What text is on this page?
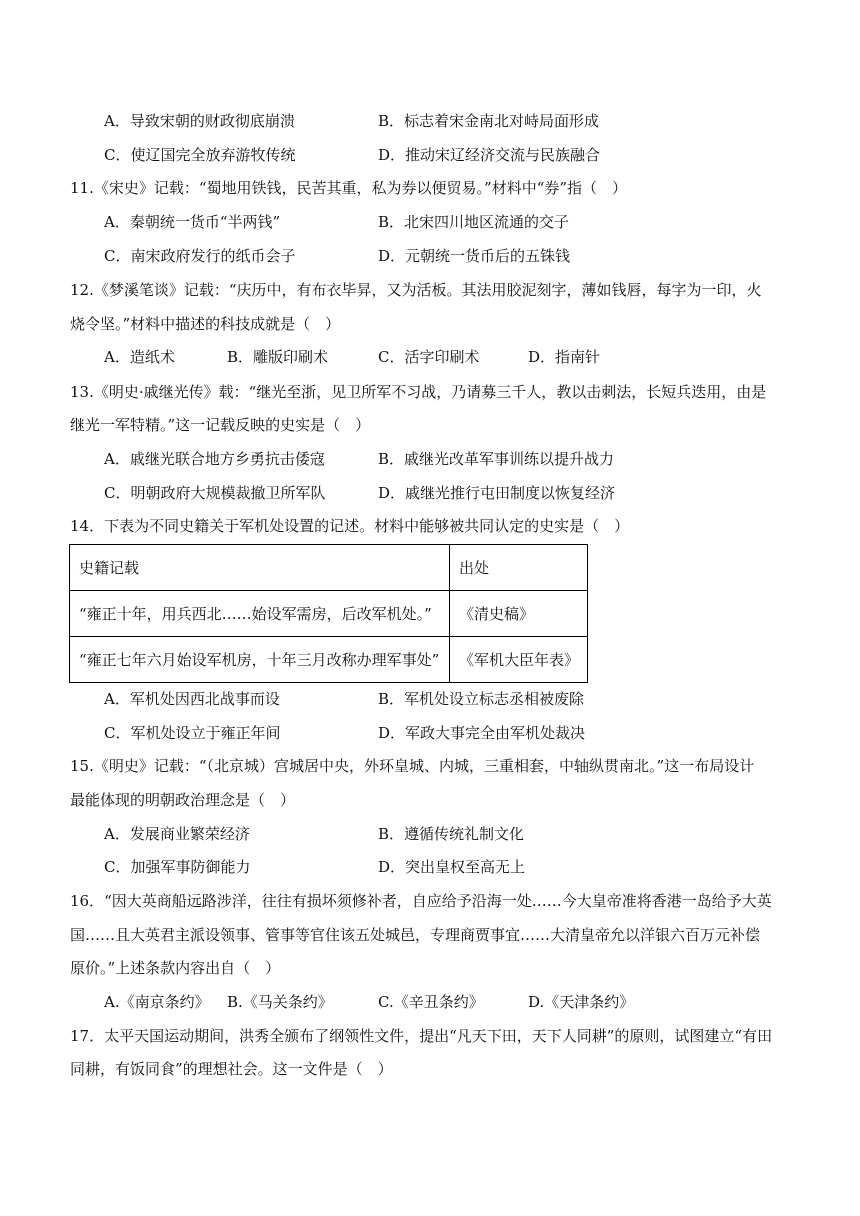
A．导致宋朝的财政彻底崩溃	B．标志着宋金南北对峙局面形成
C．使辽国完全放弃游牧传统	D．推动宋辽经济交流与民族融合
11.《宋史》记载：“蜀地用铁钱，民苦其重，私为券以便贸易。”材料中“券”指（　）
A．秦朝统一货币“半两钱”	B．北宋四川地区流通的交子
C．南宋政府发行的纸币会子	D．元朝统一货币后的五铢钱
12.《梦溪笔谈》记载：“庆历中，有布衣毕昇，又为活板。其法用胶泥刻字，薄如钱唇，每字为一印，火
烧令坚。”材料中描述的科技成就是（　）
A．造纸术	B．雕版印刷术	C．活字印刷术	D．指南针
13.《明史·戚继光传》载：“继光至浙，见卫所军不习战，乃请募三千人，教以击刺法，长短兵迭用，由是
继光一军特精。”这一记载反映的史实是（　）
A．戚继光联合地方乡勇抗击倭寇	B．戚继光改革军事训练以提升战力
C．明朝政府大规模裁撤卫所军队	D．戚继光推行屯田制度以恢复经济
14．下表为不同史籍关于军机处设置的记述。材料中能够被共同认定的史实是（　）
史籍记载	出处
“雍正十年，用兵西北……始设军需房，后改军机处。”	《清史稿》
“雍正七年六月始设军机房，十年三月改称办理军事处”	《军机大臣年表》
A．军机处因西北战事而设	B．军机处设立标志丞相被废除
C．军机处设立于雍正年间	D．军政大事完全由军机处裁决
15.《明史》记载：“（北京城）宫城居中央，外环皇城、内城，三重相套，中轴纵贯南北。”这一布局设计
最能体现的明朝政治理念是（　）
A．发展商业繁荣经济	B．遵循传统礼制文化
C．加强军事防御能力	D．突出皇权至高无上
16．“因大英商船远路涉洋，往往有损坏须修补者，自应给予沿海一处……今大皇帝准将香港一岛给予大英
国……且大英君主派设领事、管事等官住该五处城邑，专理商贾事宜……大清皇帝允以洋银六百万元补偿
原价。”上述条款内容出自（　）
A.《南京条约》 B.《马关条约》	C.《辛丑条约》	D.《天津条约》
17．太平天国运动期间，洪秀全颁布了纲领性文件，提出“凡天下田，天下人同耕”的原则，试图建立“有田
同耕，有饭同食”的理想社会。这一文件是（　）
